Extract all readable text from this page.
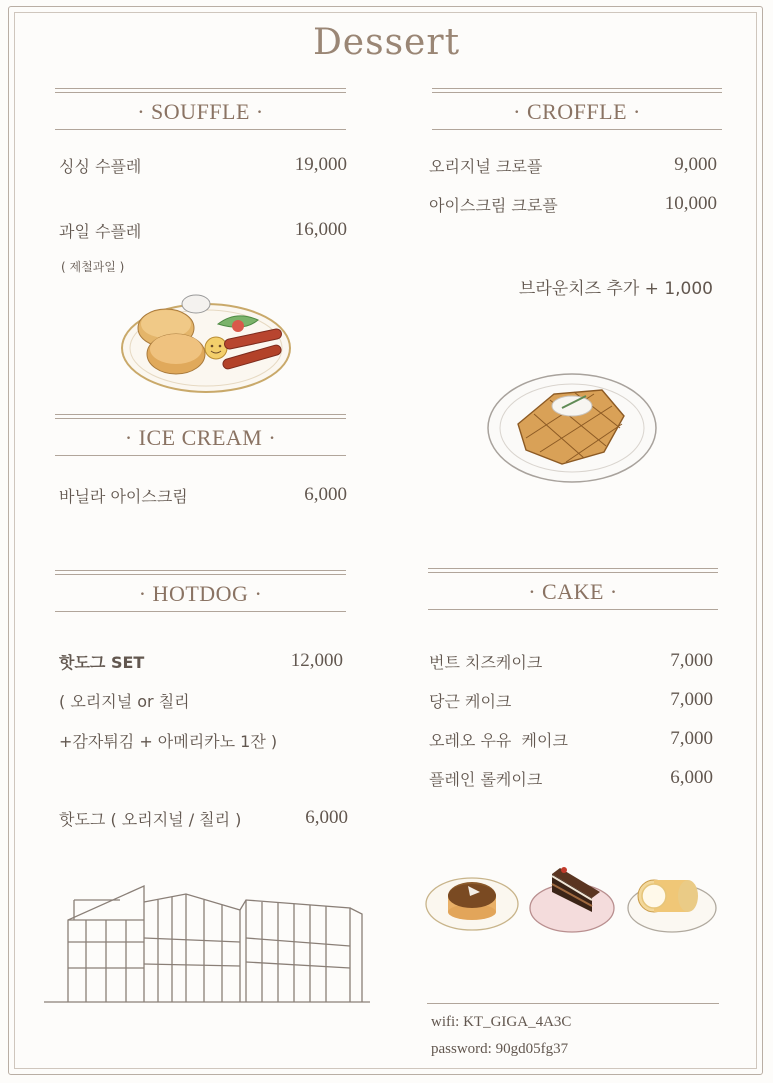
Dessert
· SOUFFLE ·
싱싱 수플레	19,000
과일 수플레	16,000
( 제철과일 )
· ICE CREAM ·
바닐라 아이스크림	6,000
· HOTDOG ·
핫도그 SET	12,000
( 오리지널 or 칠리
+감자튀김 + 아메리카노 1잔 )
핫도그 ( 오리지널 / 칠리 )	6,000
· CROFFLE ·
오리지널 크로플	9,000
아이스크림 크로플	10,000
브라운치즈 추가 + 1,000
· CAKE ·
번트 치즈케이크	7,000
당근 케이크	7,000
오레오 우유  케이크	7,000
플레인 롤케이크	6,000
wifi: KT_GIGA_4A3C
password: 90gd05fg37
